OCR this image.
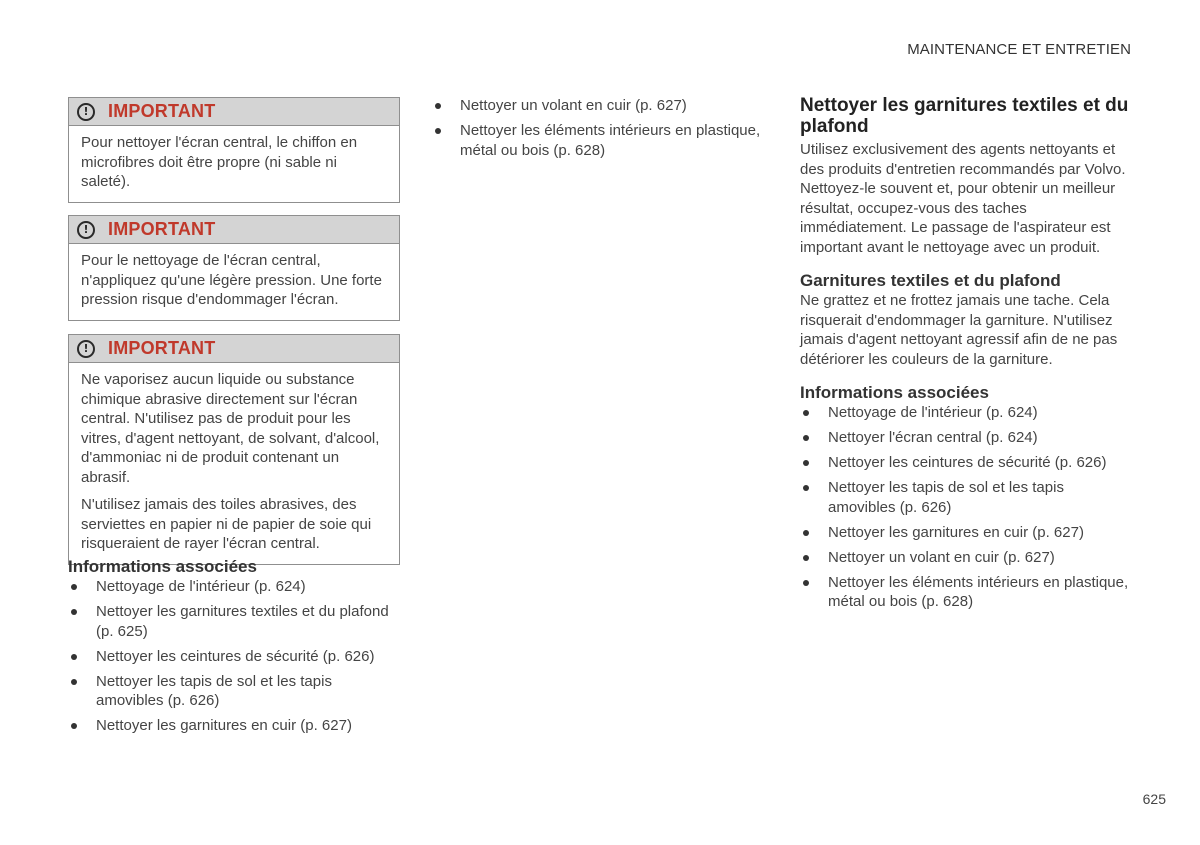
MAINTENANCE ET ENTRETIEN
!	IMPORTANT

Pour nettoyer l'écran central, le chiffon en microfibres doit être propre (ni sable ni saleté).

!	IMPORTANT

Pour le nettoyage de l'écran central, n'appliquez qu'une légère pression. Une forte pression risque d'endommager l'écran.

!	IMPORTANT

Ne vaporisez aucun liquide ou substance chimique abrasive directement sur l'écran central. N'utilisez pas de produit pour les vitres, d'agent nettoyant, de solvant, d'alcool, d'ammoniac ni de produit contenant un abrasif.

N'utilisez jamais des toiles abrasives, des serviettes en papier ni de papier de soie qui risqueraient de rayer l'écran central.

Informations associées
Nettoyage de l'intérieur (p. 624)
Nettoyer les garnitures textiles et du plafond (p. 625)
Nettoyer les ceintures de sécurité (p. 626)
Nettoyer les tapis de sol et les tapis amovibles (p. 626)
Nettoyer les garnitures en cuir (p. 627)
Nettoyer un volant en cuir (p. 627)
Nettoyer les éléments intérieurs en plastique, métal ou bois (p. 628)
Nettoyer les garnitures textiles et du plafond

Utilisez exclusivement des agents nettoyants et des produits d'entretien recommandés par Volvo. Nettoyez-le souvent et, pour obtenir un meilleur résultat, occupez-vous des taches immédiatement. Le passage de l'aspirateur est important avant le nettoyage avec un produit.

Garnitures textiles et du plafond

Ne grattez et ne frottez jamais une tache. Cela risquerait d'endommager la garniture. N'utilisez jamais d'agent nettoyant agressif afin de ne pas détériorer les couleurs de la garniture.

Informations associées
Nettoyage de l'intérieur (p. 624)
Nettoyer l'écran central (p. 624)
Nettoyer les ceintures de sécurité (p. 626)
Nettoyer les tapis de sol et les tapis amovibles (p. 626)
Nettoyer les garnitures en cuir (p. 627)
Nettoyer un volant en cuir (p. 627)
Nettoyer les éléments intérieurs en plastique, métal ou bois (p. 628)
625
